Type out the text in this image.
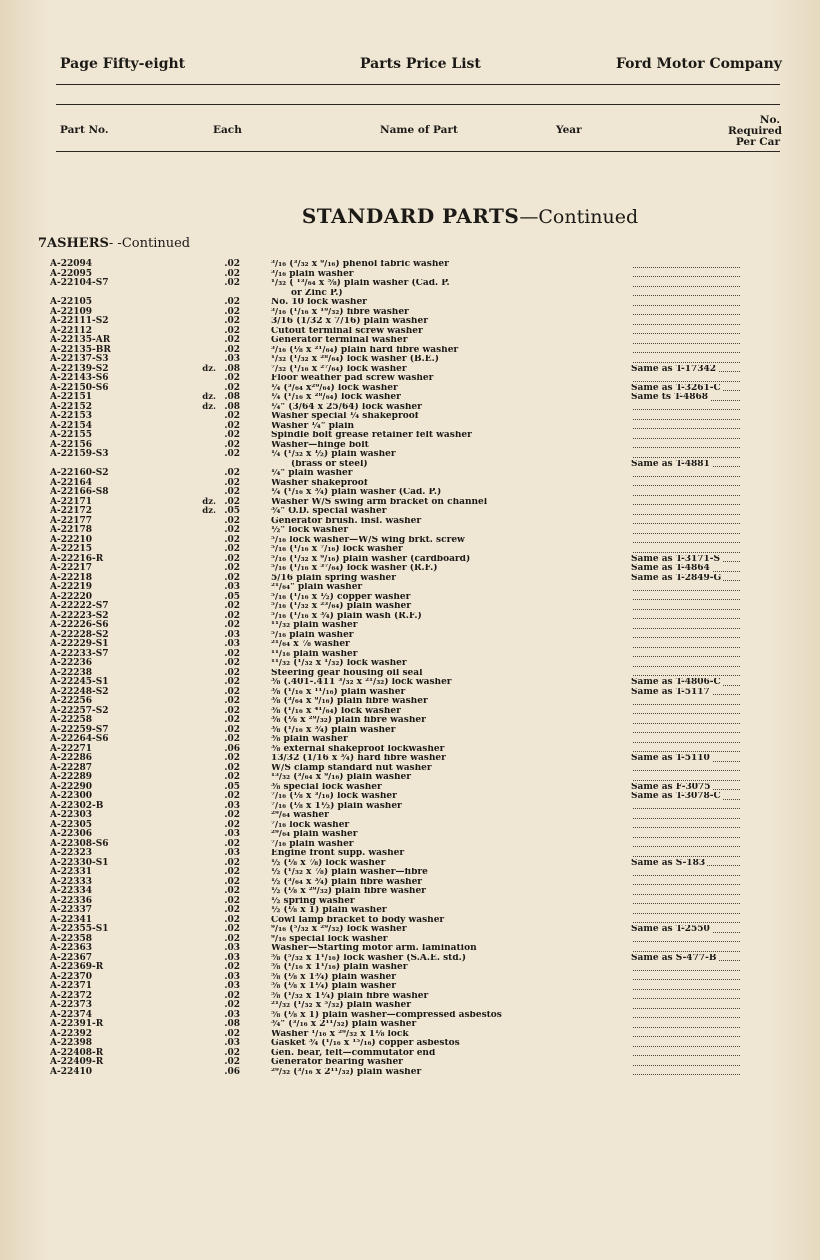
Page Fifty-eight	Parts Price List	Ford Motor Company
Part No.	Each	Name of Part	Year
No.
Required
Per Car
STANDARD PARTS—Continued
7ASHERS- -Continued
A-22094	.02	³/₁₆ (³/₃₂ x ⁹/₁₆) phenol fabric washer
A-22095	.02	³/₁₆ plain washer
A-22104-S7	.02	¹/₃₂ ( ¹³/₆₄ x ⅝) plain washer (Cad. P.
or Zinc P.)
A-22105	.02	No. 10 lock washer
A-22109	.02	³/₁₆ (¹/₁₆ x ¹⁹/₃₂) fibre washer
A-22111-S2	.02	3/16 (1/32 x 7/16) plain washer
A-22112	.02	Cutout terminal screw washer
A-22135-AR	.02	Generator terminal washer
A-22135-BR	.02	³/₁₆ (⅛ x ²¹/₆₄) plain hard fibre washer
A-22137-S3	.03	¹/₃₂ (¹/₃₂ x ²⁸/₆₄) lock washer (B.E.)
A-22139-S2	dz. .08	⁷/₃₂ (¹/₁₆ x ²⁷/₆₄) lock washer	Same as T-17342
A-22143-S6	.02	Floor weather pad screw washer
A-22150-S6	.02	¼ (³/₆₄ x²⁹/₆₄) lock washer	Same as T-3261-C
A-22151	dz. .08	¼ (¹/₁₆ x ²⁸/₆₄) lock washer	Same ts T-4868
A-22152	dz. .08	¼" (3/64 x 25/64) lock washer
A-22153	.02	Washer special ¼ shakeproof
A-22154	.02	Washer ¼" plain
A-22155	.02	Spindle bolt grease retainer felt washer
A-22156	.02	Washer—hinge bolt
A-22159-S3	.02	¼ (¹/₃₂ x ½) plain washer
(brass or steel)	Same as T-4881
A-22160-S2	.02	¼" plain washer
A-22164	.02	Washer shakeproof
A-22166-S8	.02	¼ (¹/₁₆ x ¾) plain washer (Cad. P.)
A-22171	dz. .02	Washer W/S swing arm bracket on channel
A-22172	dz. .05	¾" O.D. special washer
A-22177	.02	Generator brush. insl. washer
A-22178	.02	½" lock washer
A-22210	.02	⁵/₁₆ lock washer—W/S wing brkt. screw
A-22215	.02	⁵/₁₆ (¹/₁₆ x ⁷/₁₆) lock washer
A-22216-R	.02	⁵/₁₆ (¹/₃₂ x ⁹/₁₆) plain washer (cardboard)	Same as T-3171-S
A-22217	.02	⁵/₁₆ (¹/₁₆ x ³⁷/₆₄) lock washer (R.F.)	Same as T-4864
A-22218	.02	5/16 plain spring washer	Same as T-2849-G
A-22219	.03	²¹/₆₄" plain washer
A-22220	.05	⁵/₁₆ (¹/₁₆ x ½) copper washer
A-22222-S7	.02	⁵/₁₆ (¹/₃₂ x ²³/₆₄) plain washer
A-22223-S2	.02	⁵/₁₆ (¹/₁₆ x ¾) plain wash (R.F.)
A-22226-S6	.02	¹¹/₃₂ plain washer
A-22228-S2	.03	⁵/₁₆ plain washer
A-22229-S1	.03	²¹/₆₄ x ⅞ washer
A-22233-S7	.02	¹¹/₁₆ plain washer
A-22236	.02	¹¹/₃₂ (¹/₃₂ x ¹/₃₂) lock washer
A-22238	.02	Steering gear housing oil seal
A-22245-S1	.02	⅜ (.401-.411 ³/₃₂ x ²¹/₃₂) lock washer	Same as T-4806-C
A-22248-S2	.02	⅜ (¹/₁₆ x ¹¹/₁₆) plain washer	Same as T-5117
A-22256	.02	⅜ (³/₆₄ x ⁹/₁₆) plain fibre washer
A-22257-S2	.02	⅜ (¹/₁₆ x ⁴¹/₆₄) lock washer
A-22258	.02	⅜ (⅛ x ²⁹/₃₂) plain fibre washer
A-22259-S7	.02	⅜ (¹/₁₆ x ¾) plain washer
A-22264-S6	.02	⅜ plain washer
A-22271	.06	⅜ external shakeproof lockwasher
A-22286	.02	13/32 (1/16 x ¾) hard fibre washer	Same as T-5110
A-22287	.02	W/S clamp standard nut washer
A-22289	.02	¹³/₃₂ (³/₆₄ x ⁹/₁₆) plain washer
A-22290	.05	⅜ special lock washer	Same as F-3075
A-22300	.02	⁷/₁₆ (⅛ x ³/₁₆) lock washer	Same as T-3078-C
A-22302-B	.03	⁷/₁₆ (⅛ x 1½) plain washer
A-22303	.02	²⁹/₆₄ washer
A-22305	.02	⁷/₁₆ lock washer
A-22306	.03	²⁹/₆₄ plain washer
A-22308-S6	.02	⁷/₁₆ plain washer
A-22323	.03	Engine front supp. washer
A-22330-S1	.02	½ (⅛ x ⅞) lock washer	Same as S-183
A-22331	.02	½ (¹/₃₂ x ⅞) plain washer—fibre
A-22333	.02	½ (³/₆₄ x ¾) plain fibre washer
A-22334	.02	½ (⅛ x ²⁹/₃₂) plain fibre washer
A-22336	.02	½ spring washer
A-22337	.02	½ (⅛ x 1) plain washer
A-22341	.02	Cowl lamp bracket to body washer
A-22355-S1	.02	⁹/₁₆ (⁵/₃₂ x ²⁹/₃₂) lock washer	Same as T-2550
A-22358	.02	⁹/₁₆ special lock washer
A-22363	.03	Washer—Starting motor arm. lamination
A-22367	.03	⅝ (⁵/₃₂ x 1¹/₁₆) lock washer (S.A.E. std.)	Same as S-477-B
A-22369-R	.02	⅝ (¹/₁₆ x 1¹/₁₆) plain washer
A-22370	.03	⅝ (⅛ x 1¾) plain washer
A-22371	.03	⅝ (⅛ x 1¼) plain washer
A-22372	.02	⅝ (¹/₃₂ x 1¼) plain fibre washer
A-22373	.02	²¹/₃₂ (¹/₃₂ x ⁵/₃₂) plain washer
A-22374	.03	⅝ (⅛ x 1) plain washer—compressed asbestos
A-22391-R	.08	¾" (³/₁₆ x 2¹¹/₃₂) plain washer
A-22392	.02	Washer ¹/₁₆ x ²⁹/₃₂ x 1⅛ lock
A-22398	.03	Gasket ¾ (¹/₁₆ x ¹⁵/₁₆) copper asbestos
A-22408-R	.02	Gen. bear, felt—commutator end
A-22409-R	.02	Generator bearing washer
A-22410	.06	²⁹/₃₂ (³/₁₆ x 2¹¹/₃₂) plain washer
